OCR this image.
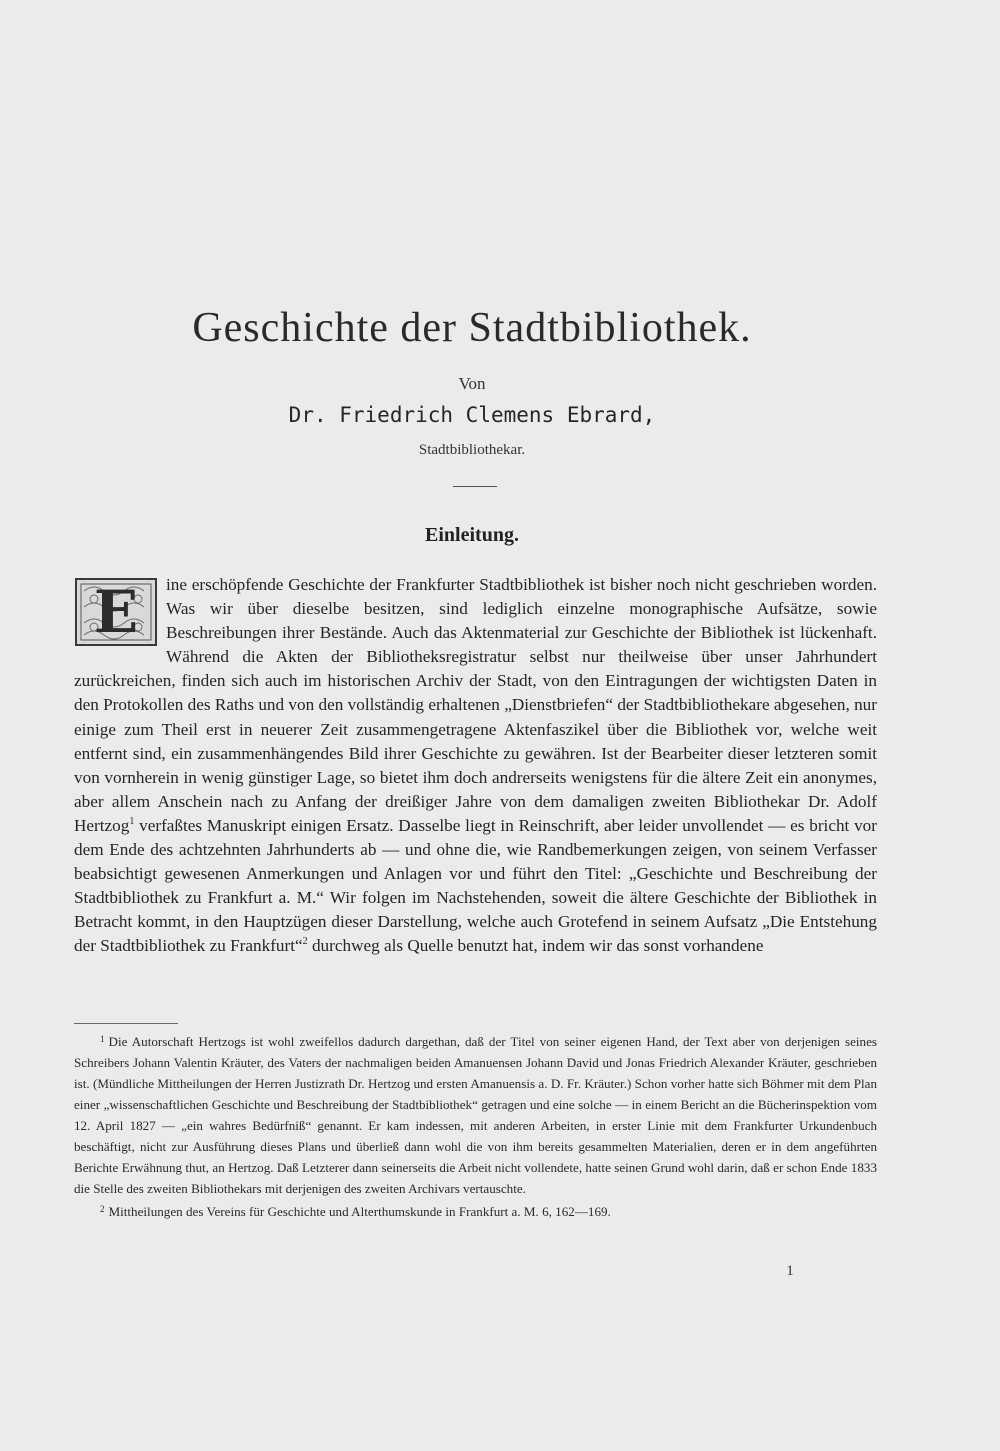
Geschichte der Stadtbibliothek.
Von
Dr. Friedrich Clemens Ebrard,
Stadtbibliothekar.
Einleitung.

E	ine erschöpfende Geschichte der Frankfurter Stadtbibliothek ist bisher noch nicht geschrieben worden. Was wir über dieselbe besitzen, sind lediglich einzelne monographische Aufsätze, sowie Beschreibungen ihrer Bestände. Auch das Aktenmaterial zur Geschichte der Bibliothek ist lückenhaft. Während die Akten der Bibliotheksregistratur selbst nur theilweise über unser Jahrhundert zurückreichen, finden sich auch im historischen Archiv der Stadt, von den Eintragungen der wichtigsten Daten in den Protokollen des Raths und von den vollständig erhaltenen „Dienstbriefen“ der Stadtbibliothekare abgesehen, nur einige zum Theil erst in neuerer Zeit zusammengetragene Aktenfaszikel über die Bibliothek vor, welche weit entfernt sind, ein zusammenhängendes Bild ihrer Geschichte zu gewähren. Ist der Bearbeiter dieser letzteren somit von vornherein in wenig günstiger Lage, so bietet ihm doch andrerseits wenigstens für die ältere Zeit ein anonymes, aber allem Anschein nach zu Anfang der dreißiger Jahre von dem damaligen zweiten Bibliothekar Dr. Adolf Hertzog$^1$ verfaßtes Manuskript einigen Ersatz. Dasselbe liegt in Reinschrift, aber leider unvollendet — es bricht vor dem Ende des achtzehnten Jahrhunderts ab — und ohne die, wie Randbemerkungen zeigen, von seinem Verfasser beabsichtigt gewesenen Anmerkungen und Anlagen vor und führt den Titel: „Geschichte und Beschreibung der Stadtbibliothek zu Frankfurt a. M.“ Wir folgen im Nachstehenden, soweit die ältere Geschichte der Bibliothek in Betracht kommt, in den Hauptzügen dieser Darstellung, welche auch Grotefend in seinem Aufsatz „Die Entstehung der Stadtbibliothek zu Frankfurt“$^2$ durchweg als Quelle benutzt hat, indem wir das sonst vorhandene

$^1$ Die Autorschaft Hertzogs ist wohl zweifellos dadurch dargethan, daß der Titel von seiner eigenen Hand, der Text aber von derjenigen seines Schreibers Johann Valentin Kräuter, des Vaters der nachmaligen beiden Amanuensen Johann David und Jonas Friedrich Alexander Kräuter, geschrieben ist. (Mündliche Mittheilungen der Herren Justizrath Dr. Hertzog und ersten Amanuensis a. D. Fr. Kräuter.) Schon vorher hatte sich Böhmer mit dem Plan einer „wissenschaftlichen Geschichte und Beschreibung der Stadtbibliothek“ getragen und eine solche — in einem Bericht an die Bücherinspektion vom 12. April 1827 — „ein wahres Bedürfniß“ genannt. Er kam indessen, mit anderen Arbeiten, in erster Linie mit dem Frankfurter Urkundenbuch beschäftigt, nicht zur Ausführung dieses Plans und überließ dann wohl die von ihm bereits gesammelten Materialien, deren er in dem angeführten Berichte Erwähnung thut, an Hertzog. Daß Letzterer dann seinerseits die Arbeit nicht vollendete, hatte seinen Grund wohl darin, daß er schon Ende 1833 die Stelle des zweiten Bibliothekars mit derjenigen des zweiten Archivars vertauschte.

$^2$ Mittheilungen des Vereins für Geschichte und Alterthumskunde in Frankfurt a. M. 6, 162—169.

1
